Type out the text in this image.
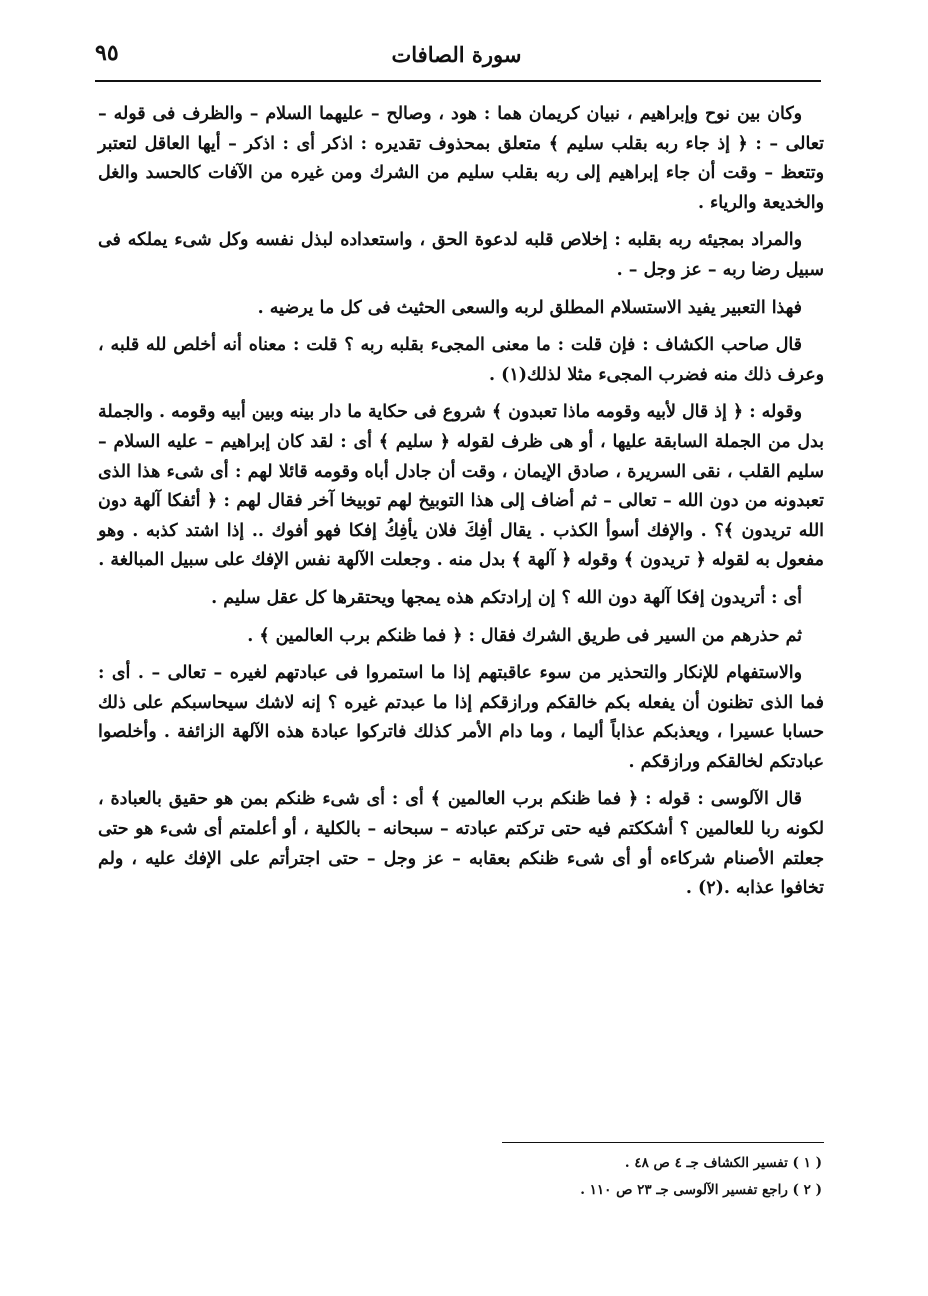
سورة الصافات
٩٥

وكان بين نوح وإبراهيم ، نبيان كريمان هما : هود ، وصالح – عليهما السلام – والظرف فى قوله – تعالى – : ﴿ إذ جاء ربه بقلب سليم ﴾ متعلق بمحذوف تقديره : اذكر أى : اذكر – أيها العاقل لتعتبر وتتعظ – وقت أن جاء إبراهيم إلى ربه بقلب سليم من الشرك ومن غيره من الآفات كالحسد والغل والخديعة والرياء .

والمراد بمجيئه ربه بقلبه : إخلاص قلبه لدعوة الحق ، واستعداده لبذل نفسه وكل شىء يملكه فى سبيل رضا ربه – عز وجل – .

فهذا التعبير يفيد الاستسلام المطلق لربه والسعى الحثيث فى كل ما يرضيه .

قال صاحب الكشاف : فإن قلت : ما معنى المجىء بقلبه ربه ؟ قلت : معناه أنه أخلص لله قلبه ، وعرف ذلك منه فضرب المجىء مثلا لذلك(١) .

وقوله : ﴿ إذ قال لأبيه وقومه ماذا تعبدون ﴾ شروع فى حكاية ما دار بينه وبين أبيه وقومه . والجملة بدل من الجملة السابقة عليها ، أو هى ظرف لقوله ﴿ سليم ﴾ أى : لقد كان إبراهيم – عليه السلام – سليم القلب ، نقى السريرة ، صادق الإيمان ، وقت أن جادل أباه وقومه قائلا لهم : أى شىء هذا الذى تعبدونه من دون الله – تعالى – ثم أضاف إلى هذا التوبيخ لهم توبيخا آخر فقال لهم : ﴿ أئفكا آلهة دون الله تريدون ﴾؟ . والإفك أسوأ الكذب . يقال أفِكَ فلان يأفِكُ إفكا فهو أفوك .. إذا اشتد كذبه . وهو مفعول به لقوله ﴿ تريدون ﴾ وقوله ﴿ آلهة ﴾ بدل منه . وجعلت الآلهة نفس الإفك على سبيل المبالغة .

أى : أتريدون إفكا آلهة دون الله ؟ إن إرادتكم هذه يمجها ويحتقرها كل عقل سليم .

ثم حذرهم من السير فى طريق الشرك فقال : ﴿ فما ظنكم برب العالمين ﴾ .

والاستفهام للإنكار والتحذير من سوء عاقبتهم إذا ما استمروا فى عبادتهم لغيره – تعالى – . أى : فما الذى تظنون أن يفعله بكم خالقكم ورازقكم إذا ما عبدتم غيره ؟ إنه لاشك سيحاسبكم على ذلك حسابا عسيرا ، ويعذبكم عذاباً أليما ، وما دام الأمر كذلك فاتركوا عبادة هذه الآلهة الزائفة . وأخلصوا عبادتكم لخالقكم ورازقكم .

قال الآلوسى : قوله : ﴿ فما ظنكم برب العالمين ﴾ أى : أى شىء ظنكم بمن هو حقيق بالعبادة ، لكونه ربا للعالمين ؟ أشككتم فيه حتى تركتم عبادته – سبحانه – بالكلية ، أو أعلمتم أى شىء هو حتى جعلتم الأصنام شركاءه أو أى شىء ظنكم بعقابه – عز وجل – حتى اجترأتم على الإفك عليه ، ولم تخافوا عذابه .(٢) .

( ١ ) تفسير الكشاف جـ ٤ ص ٤٨ .

( ٢ ) راجع تفسير الآلوسى جـ ٢٣ ص ١١٠ .
